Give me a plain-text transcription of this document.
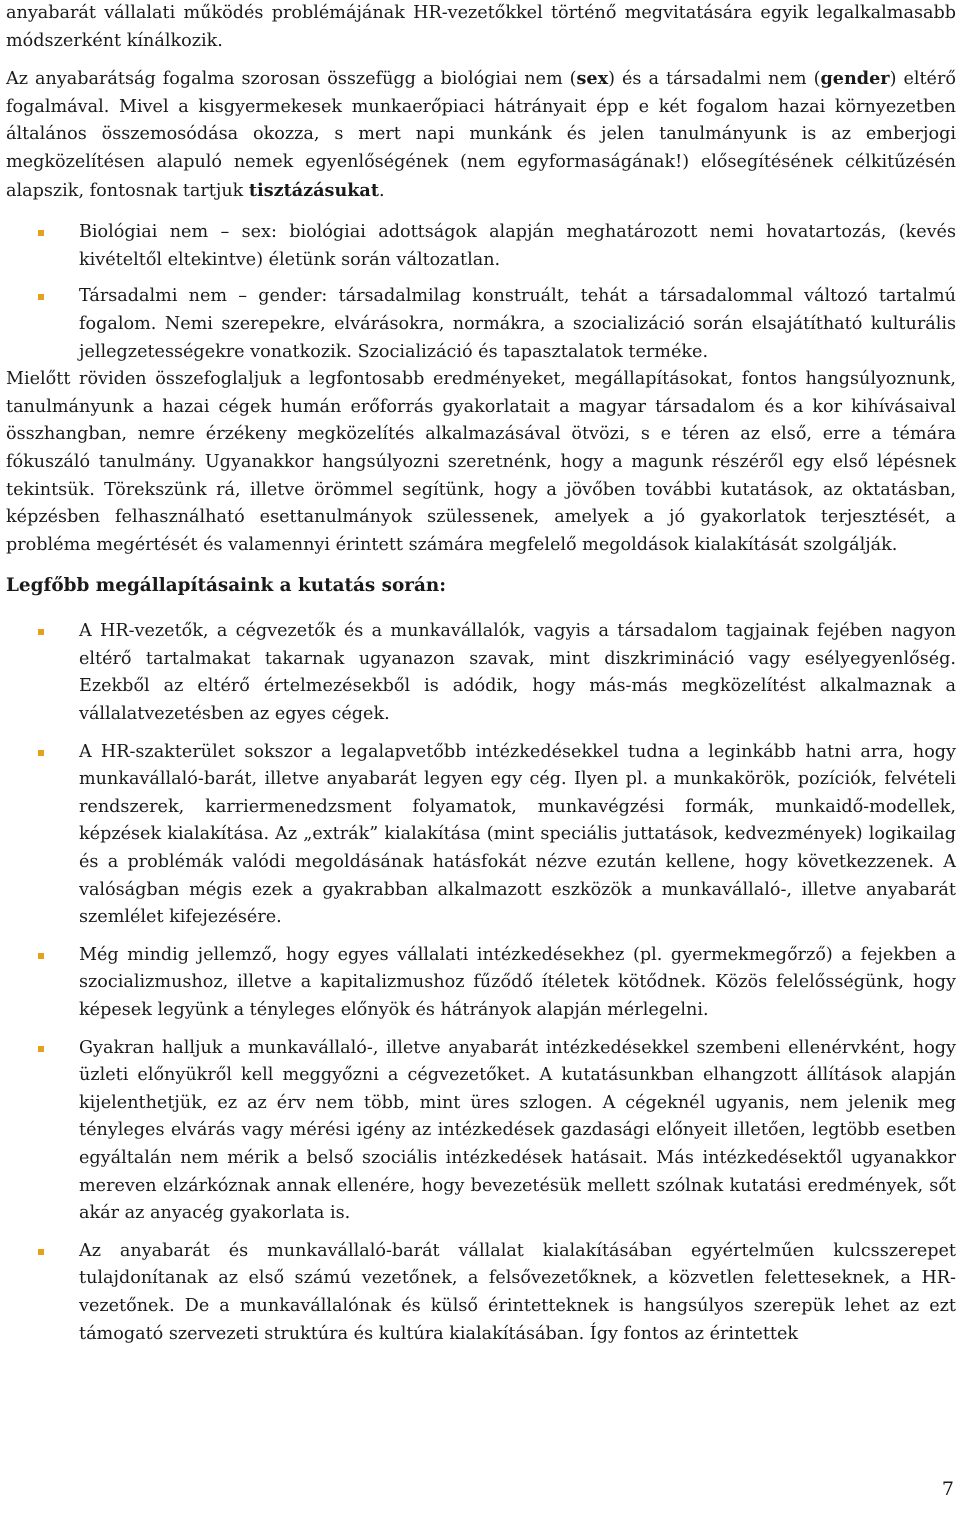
anyabarát vállalati működés problémájának HR-vezetőkkel történő megvitatására egyik legalkalmasabb módszerként kínálkozik.

Az anyabarátság fogalma szorosan összefügg a biológiai nem (sex) és a társadalmi nem (gender) eltérő fogalmával. Mivel a kisgyermekesek munkaerőpiaci hátrányait épp e két fogalom hazai környezetben általános összemosódása okozza, s mert napi munkánk és jelen tanulmányunk is az emberjogi megközelítésen alapuló nemek egyenlőségének (nem egyformaságának!) elősegítésének célkitűzésén alapszik, fontosnak tartjuk tisztázásukat.

Biológiai nem – sex: biológiai adottságok alapján meghatározott nemi hovatartozás, (kevés kivételtől eltekintve) életünk során változatlan.
Társadalmi nem – gender: társadalmilag konstruált, tehát a társadalommal változó tartalmú fogalom. Nemi szerepekre, elvárásokra, normákra, a szocializáció során elsajátítható kulturális jellegzetességekre vonatkozik. Szocializáció és tapasztalatok terméke.

Mielőtt röviden összefoglaljuk a legfontosabb eredményeket, megállapításokat, fontos hangsúlyoznunk, tanulmányunk a hazai cégek humán erőforrás gyakorlatait a magyar társadalom és a kor kihívásaival összhangban, nemre érzékeny megközelítés alkalmazásával ötvözi, s e téren az első, erre a témára fókuszáló tanulmány. Ugyanakkor hangsúlyozni szeretnénk, hogy a magunk részéről egy első lépésnek tekintsük. Törekszünk rá, illetve örömmel segítünk, hogy a jövőben további kutatások, az oktatásban, képzésben felhasználható esettanulmányok szülessenek, amelyek a jó gyakorlatok terjesztését, a probléma megértését és valamennyi érintett számára megfelelő megoldások kialakítását szolgálják.

Legfőbb megállapításaink a kutatás során:
A HR-vezetők, a cégvezetők és a munkavállalók, vagyis a társadalom tagjainak fejében nagyon eltérő tartalmakat takarnak ugyanazon szavak, mint diszkrimináció vagy esélyegyenlőség. Ezekből az eltérő értelmezésekből is adódik, hogy más-más megközelítést alkalmaznak a vállalatvezetésben az egyes cégek.
A HR-szakterület sokszor a legalapvetőbb intézkedésekkel tudna a leginkább hatni arra, hogy munkavállaló-barát, illetve anyabarát legyen egy cég. Ilyen pl. a munkakörök, pozíciók, felvételi rendszerek, karriermenedzsment folyamatok, munkavégzési formák, munkaidő-modellek, képzések kialakítása. Az „extrák” kialakítása (mint speciális juttatások, kedvezmények) logikailag és a problémák valódi megoldásának hatásfokát nézve ezután kellene, hogy következzenek. A valóságban mégis ezek a gyakrabban alkalmazott eszközök a munkavállaló-, illetve anyabarát szemlélet kifejezésére.
Még mindig jellemző, hogy egyes vállalati intézkedésekhez (pl. gyermekmegőrző) a fejekben a szocializmushoz, illetve a kapitalizmushoz fűződő ítéletek kötődnek. Közös felelősségünk, hogy képesek legyünk a tényleges előnyök és hátrányok alapján mérlegelni.
Gyakran halljuk a munkavállaló-, illetve anyabarát intézkedésekkel szembeni ellenérvként, hogy üzleti előnyükről kell meggyőzni a cégvezetőket. A kutatásunkban elhangzott állítások alapján kijelenthetjük, ez az érv nem több, mint üres szlogen. A cégeknél ugyanis, nem jelenik meg tényleges elvárás vagy mérési igény az intézkedések gazdasági előnyeit illetően, legtöbb esetben egyáltalán nem mérik a belső szociális intézkedések hatásait. Más intézkedésektől ugyanakkor mereven elzárkóznak annak ellenére, hogy bevezetésük mellett szólnak kutatási eredmények, sőt akár az anyacég gyakorlata is.
Az anyabarát és munkavállaló-barát vállalat kialakításában egyértelműen kulcsszerepet tulajdonítanak az első számú vezetőnek, a felsővezetőknek, a közvetlen feletteseknek, a HR-vezetőnek. De a munkavállalónak és külső érintetteknek is hangsúlyos szerepük lehet az ezt támogató szervezeti struktúra és kultúra kialakításában. Így fontos az érintettek
7
